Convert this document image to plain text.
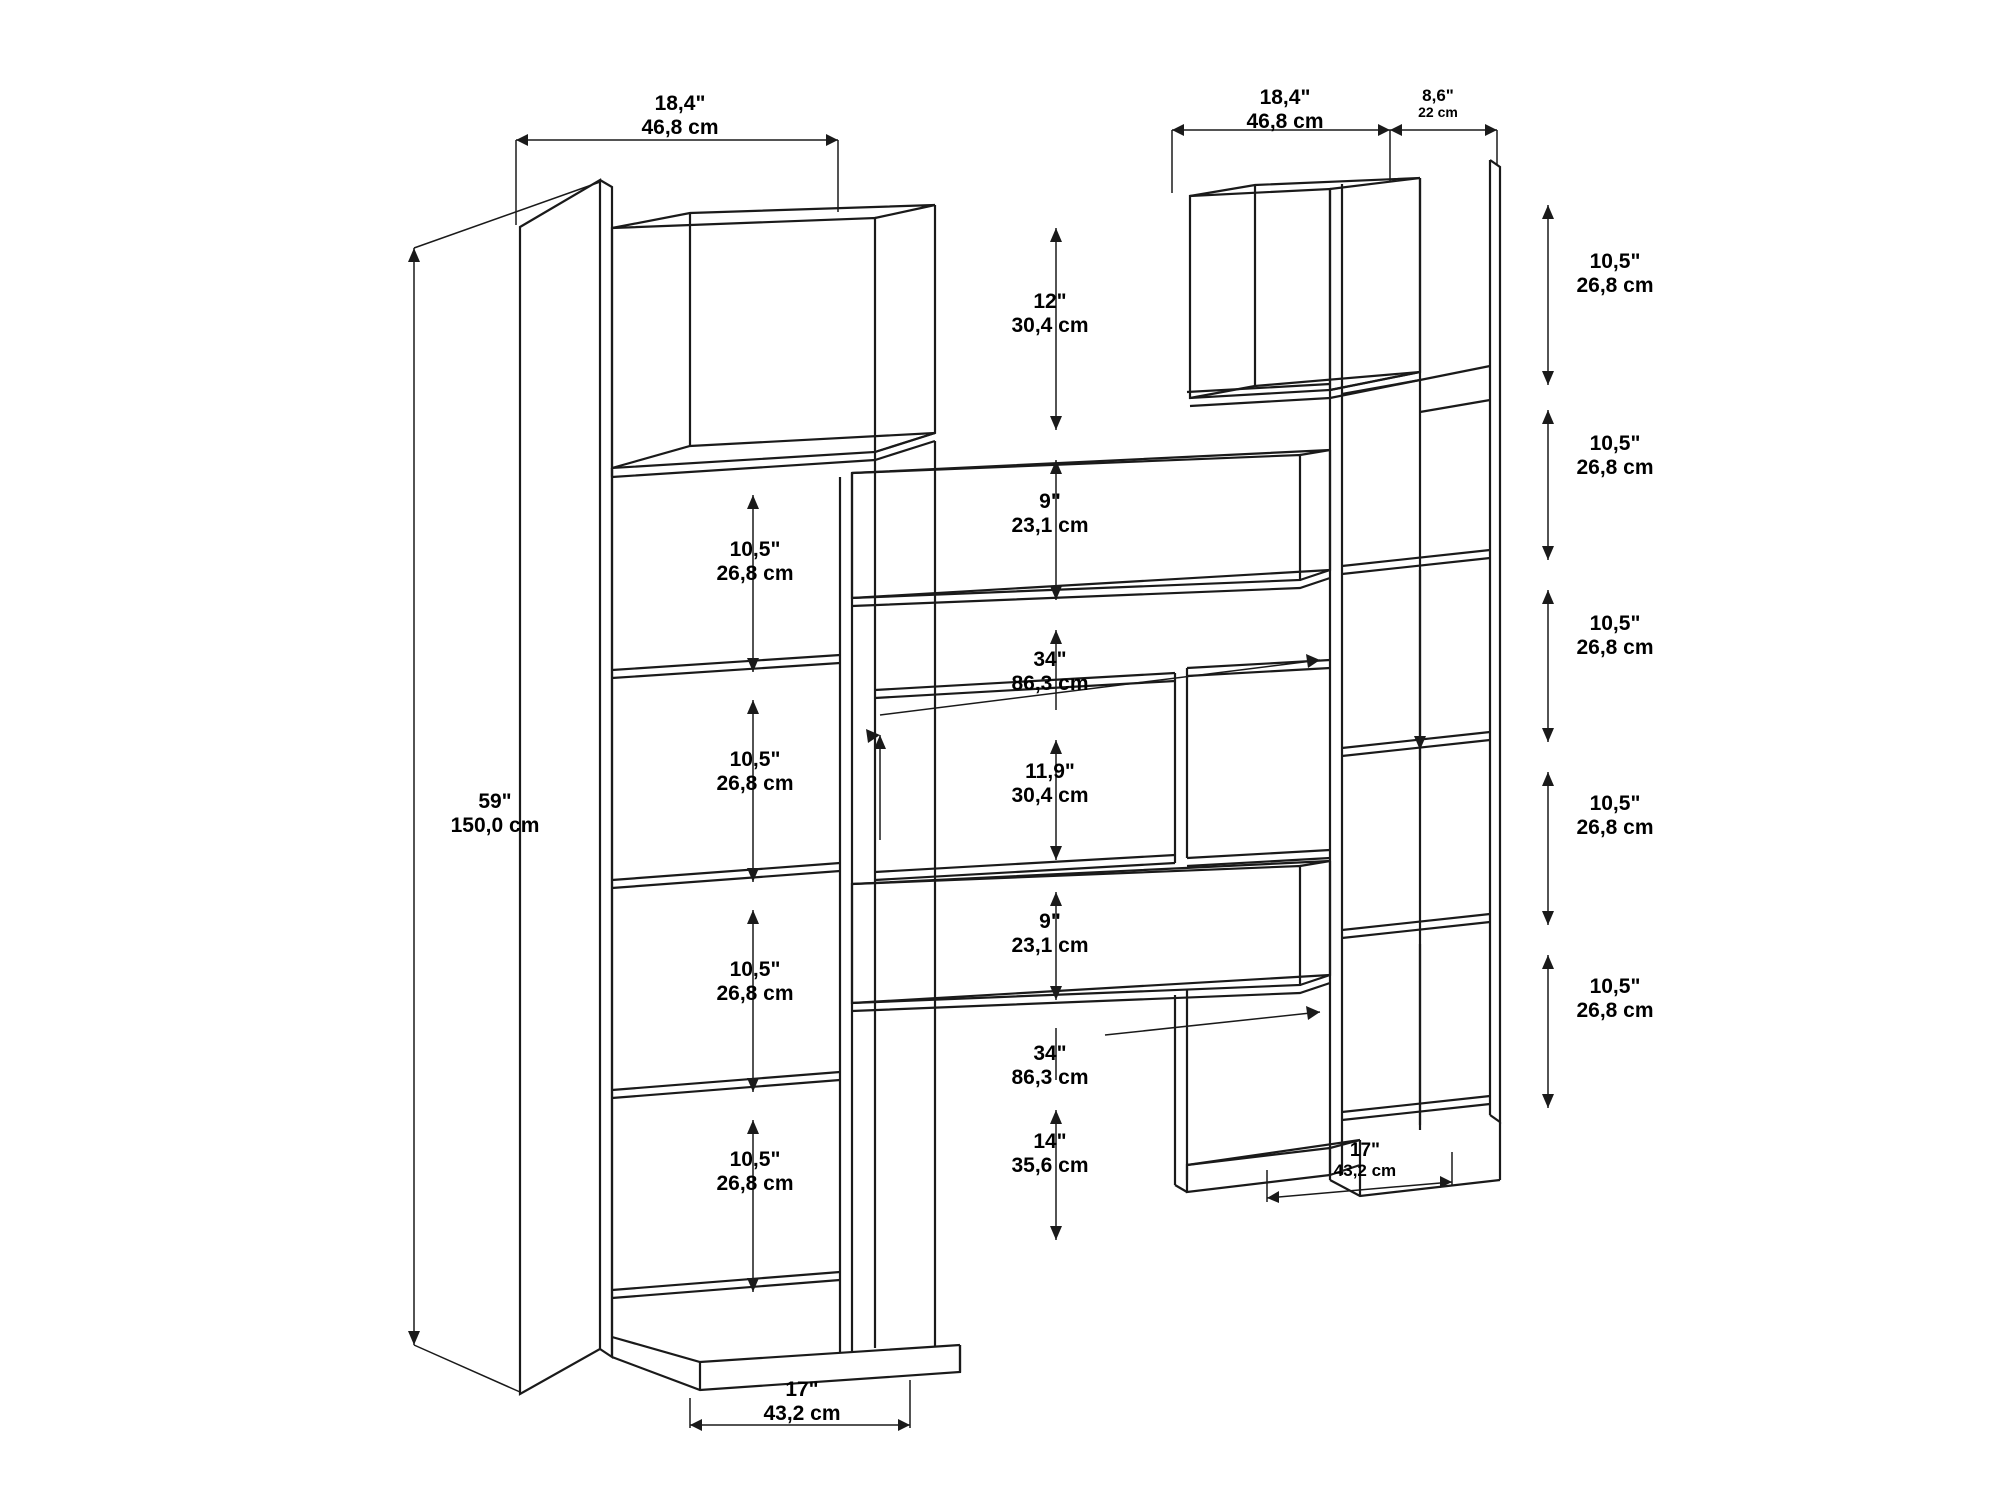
18,4"
46,8 cm
18,4"
46,8 cm
8,6"
22 cm
59"
150,0 cm
12"
30,4 cm
9"
23,1 cm
34"
86,3 cm
11,9"
30,4 cm
9"
23,1 cm
34"
86,3 cm
14"
35,6 cm
10,5"
26,8 cm
10,5"
26,8 cm
10,5"
26,8 cm
10,5"
26,8 cm
10,5"
26,8 cm
10,5"
26,8 cm
10,5"
26,8 cm
10,5"
26,8 cm
10,5"
26,8 cm
17"
43,2 cm
17"
43,2 cm
